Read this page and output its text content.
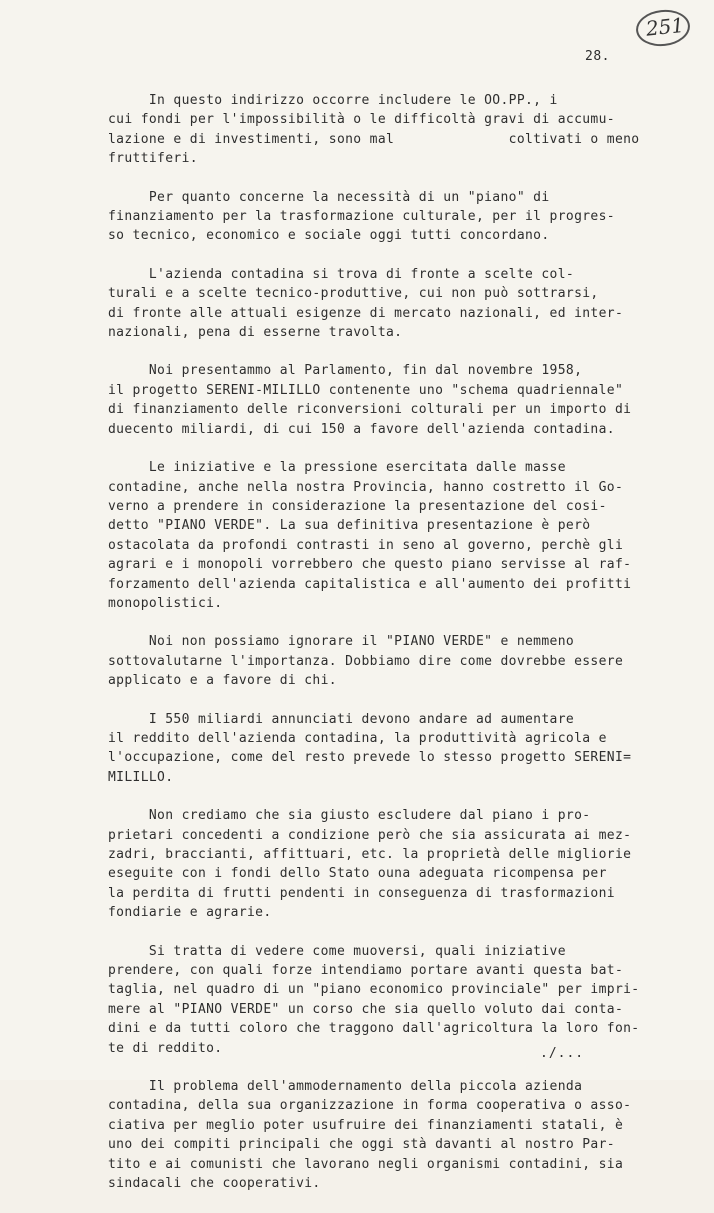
251
28.
In questo indirizzo occorre includere le OO.PP., i
cui fondi per l'impossibilità o le difficoltà gravi di accumu-
lazione e di investimenti, sono mal              coltivati o meno
fruttiferi.
Per quanto concerne la necessità di un "piano" di
finanziamento per la trasformazione culturale, per il progres-
so tecnico, economico e sociale oggi tutti concordano.
L'azienda contadina si trova di fronte a scelte col-
turali e a scelte tecnico-produttive, cui non può sottrarsi,
di fronte alle attuali esigenze di mercato nazionali, ed inter-
nazionali, pena di esserne travolta.
Noi presentammo al Parlamento, fin dal novembre 1958,
il progetto SERENI-MILILLO contenente uno "schema quadriennale"
di finanziamento delle riconversioni colturali per un importo di
duecento miliardi, di cui 150 a favore dell'azienda contadina.
Le iniziative e la pressione esercitata dalle masse
contadine, anche nella nostra Provincia, hanno costretto il Go-
verno a prendere in considerazione la presentazione del cosi-
detto "PIANO VERDE". La sua definitiva presentazione è però
ostacolata da profondi contrasti in seno al governo, perchè gli
agrari e i monopoli vorrebbero che questo piano servisse al raf-
forzamento dell'azienda capitalistica e all'aumento dei profitti
monopolistici.
Noi non possiamo ignorare il "PIANO VERDE" e nemmeno
sottovalutarne l'importanza. Dobbiamo dire come dovrebbe essere
applicato e a favore di chi.
I 550 miliardi annunciati devono andare ad aumentare
il reddito dell'azienda contadina, la produttività agricola e
l'occupazione, come del resto prevede lo stesso progetto SERENI=
MILILLO.
Non crediamo che sia giusto escludere dal piano i pro-
prietari concedenti a condizione però che sia assicurata ai mez-
zadri, braccianti, affittuari, etc. la proprietà delle migliorie
eseguite con i fondi dello Stato ouna adeguata ricompensa per
la perdita di frutti pendenti in conseguenza di trasformazioni
fondiarie e agrarie.
Si tratta di vedere come muoversi, quali iniziative
prendere, con quali forze intendiamo portare avanti questa bat-
taglia, nel quadro di un "piano economico provinciale" per impri-
mere al "PIANO VERDE" un corso che sia quello voluto dai conta-
dini e da tutti coloro che traggono dall'agricoltura la loro fon-
te di reddito.
Il problema dell'ammodernamento della piccola azienda
contadina, della sua organizzazione in forma cooperativa o asso-
ciativa per meglio poter usufruire dei finanziamenti statali, è
uno dei compiti principali che oggi stà davanti al nostro Par-
tito e ai comunisti che lavorano negli organismi contadini, sia
sindacali che cooperativi.
./...
